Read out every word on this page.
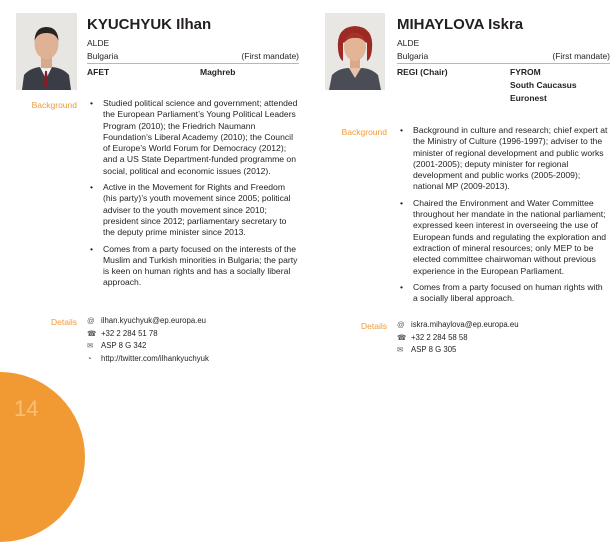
KYUCHYUK Ilhan
ALDE
Bulgaria	(First mandate)
AFET	Maghreb
Background	• Studied political science and government; attended the European Parliament’s Young Political Leaders Program (2010); the Friedrich Naumann Foundation’s Liberal Academy (2010); the Council of Europe’s World Forum for Democracy (2012); and a US State Department-funded programme on social, political and economic issues (2012).
• Active in the Movement for Rights and Freedom (his party)’s youth movement since 2005; political adviser to the youth movement since 2010; president since 2012; parliamentary secretary to the deputy prime minister since 2013.
• Comes from a party focused on the interests of the Muslim and Turkish minorities in Bulgaria; the party is keen on human rights and has a socially liberal approach.
Details @ ilhan.kyuchyuk@ep.europa.eu
☎ +32 2 284 51 78
✉ ASP 8 G 342
◔ http://twitter.com/ilhankyuchyuk
MIHAYLOVA Iskra
ALDE
Bulgaria	(First mandate)
REGI (Chair)	FYROM
South Caucasus
Euronest
Background	• Background in culture and research; chief expert at the Ministry of Culture (1996-1997); adviser to the minister of regional development and public works (2001-2005); deputy minister for regional development and public works (2005-2009); national MP (2009-2013).
• Chaired the Environment and Water Committee throughout her mandate in the national parliament; expressed keen interest in overseeing the use of European funds and regulating the exploration and extraction of mineral resources; only MEP to be elected committee chairwoman without previous experience in the European Parliament.
• Comes from a party focused on human rights with a socially liberal approach.
Details @ iskra.mihaylova@ep.europa.eu
☎ +32 2 284 58 58
✉ ASP 8 G 305
14
